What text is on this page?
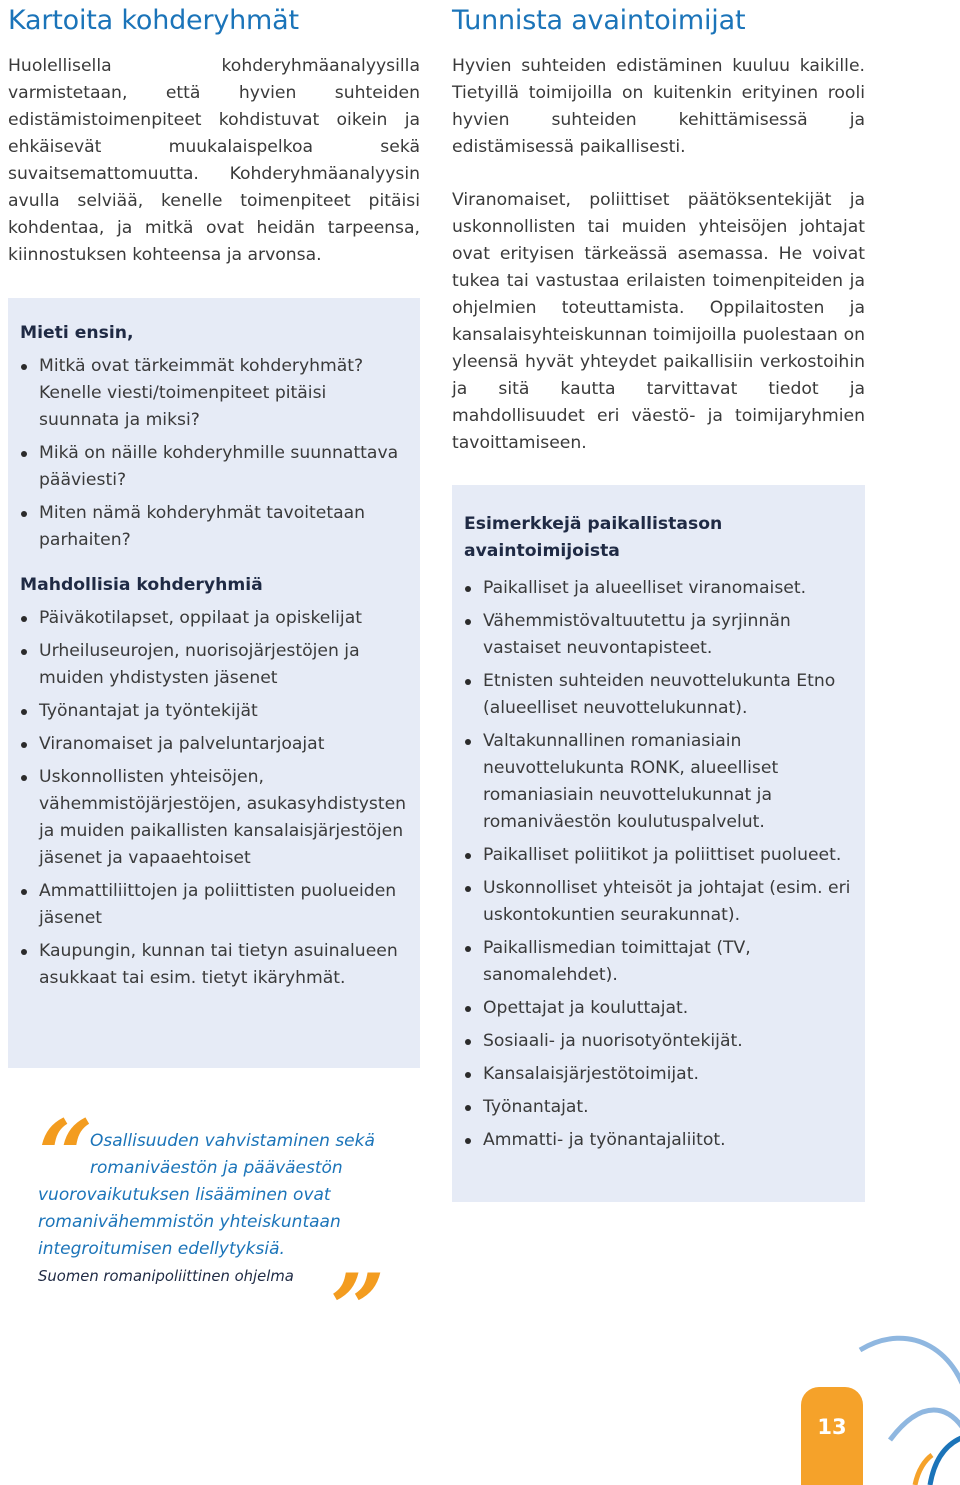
Kartoita kohderyhmät

Huolellisella kohderyhmäanalyysilla varmistetaan, että hyvien suhteiden edistämistoimenpiteet kohdistuvat oikein ja ehkäisevät muukalaispelkoa sekä suvaitsemattomuutta. Kohderyhmäanalyysin avulla selviää, kenelle toimenpiteet pitäisi kohdentaa, ja mitkä ovat heidän tarpeensa, kiinnostuksen kohteensa ja arvonsa.

Mieti ensin,
Mitkä ovat tärkeimmät kohderyhmät? Kenelle viesti/toimenpiteet pitäisi suunnata ja miksi?
Mikä on näille kohderyhmille suunnattava pääviesti?
Miten nämä kohderyhmät tavoitetaan parhaiten?
Mahdollisia kohderyhmiä
Päiväkotilapset, oppilaat ja opiskelijat
Urheiluseurojen, nuorisojärjestöjen ja muiden yhdistysten jäsenet
Työnantajat ja työntekijät
Viranomaiset ja palveluntarjoajat
Uskonnollisten yhteisöjen, vähemmistöjärjestöjen, asukasyhdistysten ja muiden paikallisten kansalaisjärjestöjen jäsenet ja vapaaehtoiset
Ammattiliittojen ja poliittisten puolueiden jäsenet
Kaupungin, kunnan tai tietyn asuinalueen asukkaat tai esim. tietyt ikäryhmät.
“
Osallisuuden vahvistaminen sekä
romaniväestön ja pääväestön
vuorovaikutuksen lisääminen ovat romanivähemmistön yhteiskuntaan integroitumisen edellytyksiä.
Suomen romanipoliittinen ohjelma ”
Tunnista avaintoimijat

Hyvien suhteiden edistäminen kuuluu kaikille. Tietyillä toimijoilla on kuitenkin erityinen rooli hyvien suhteiden kehittämisessä ja edistämisessä paikallisesti.

Viranomaiset, poliittiset päätöksentekijät ja uskonnollisten tai muiden yhteisöjen johtajat ovat erityisen tärkeässä asemassa. He voivat tukea tai vastustaa erilaisten toimenpiteiden ja ohjelmien toteuttamista. Oppilaitosten ja kansalaisyhteiskunnan toimijoilla puolestaan on yleensä hyvät yhteydet paikallisiin verkostoihin ja sitä kautta tarvittavat tiedot ja mahdollisuudet eri väestö- ja toimijaryhmien tavoittamiseen.

Esimerkkejä paikallistason avaintoimijoista
Paikalliset ja alueelliset viranomaiset.
Vähemmistövaltuutettu ja syrjinnän vastaiset neuvontapisteet.
Etnisten suhteiden neuvottelukunta Etno (alueelliset neuvottelukunnat).
Valtakunnallinen romaniasiain neuvottelukunta RONK, alueelliset romaniasiain neuvottelukunnat ja romaniväestön koulutuspalvelut.
Paikalliset poliitikot ja poliittiset puolueet.
Uskonnolliset yhteisöt ja johtajat (esim. eri uskontokuntien seurakunnat).
Paikallismedian toimittajat (TV, sanomalehdet).
Opettajat ja kouluttajat.
Sosiaali- ja nuorisotyöntekijät.
Kansalaisjärjestötoimijat.
Työnantajat.
Ammatti- ja työnantajaliitot.
13
